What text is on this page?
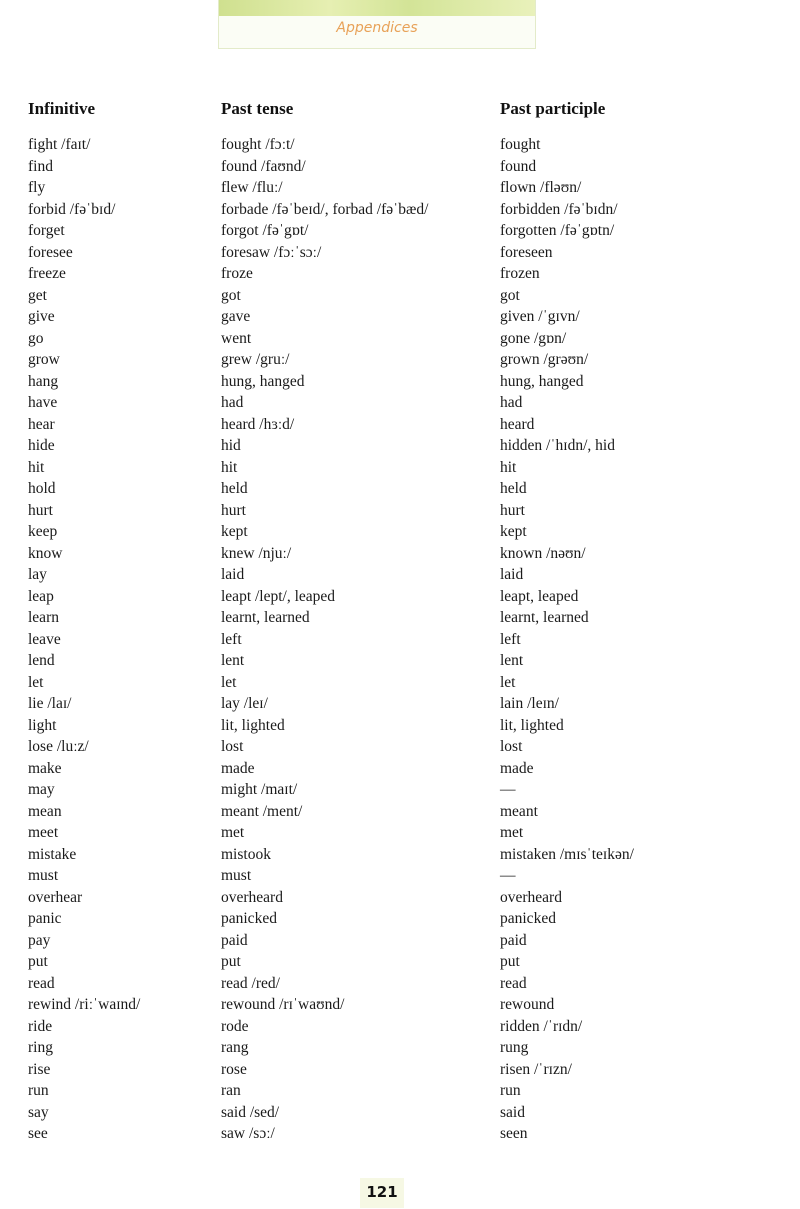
Appendices
Infinitive	Past tense	Past participle
fight /faɪt/	fought /fɔːt/	fought
find	found /faʊnd/	found
fly	flew /fluː/	flown /fləʊn/
forbid /fəˈbɪd/	forbade /fəˈbeɪd/, forbad /fəˈbæd/	forbidden /fəˈbɪdn/
forget	forgot /fəˈgɒt/	forgotten /fəˈgɒtn/
foresee	foresaw /fɔːˈsɔː/	foreseen
freeze	froze	frozen
get	got	got
give	gave	given /ˈgɪvn/
go	went	gone /gɒn/
grow	grew /gruː/	grown /grəʊn/
hang	hung, hanged	hung, hanged
have	had	had
hear	heard /hɜːd/	heard
hide	hid	hidden /ˈhɪdn/, hid
hit	hit	hit
hold	held	held
hurt	hurt	hurt
keep	kept	kept
know	knew /njuː/	known /nəʊn/
lay	laid	laid
leap	leapt /lept/, leaped	leapt, leaped
learn	learnt, learned	learnt, learned
leave	left	left
lend	lent	lent
let	let	let
lie /laɪ/	lay /leɪ/	lain /leɪn/
light	lit, lighted	lit, lighted
lose /luːz/	lost	lost
make	made	made
may	might /maɪt/	—
mean	meant /ment/	meant
meet	met	met
mistake	mistook	mistaken /mɪsˈteɪkən/
must	must	—
overhear	overheard	overheard
panic	panicked	panicked
pay	paid	paid
put	put	put
read	read /red/	read
rewind /riːˈwaɪnd/	rewound /rɪˈwaʊnd/	rewound
ride	rode	ridden /ˈrɪdn/
ring	rang	rung
rise	rose	risen /ˈrɪzn/
run	ran	run
say	said /sed/	said
see	saw /sɔː/	seen
121
